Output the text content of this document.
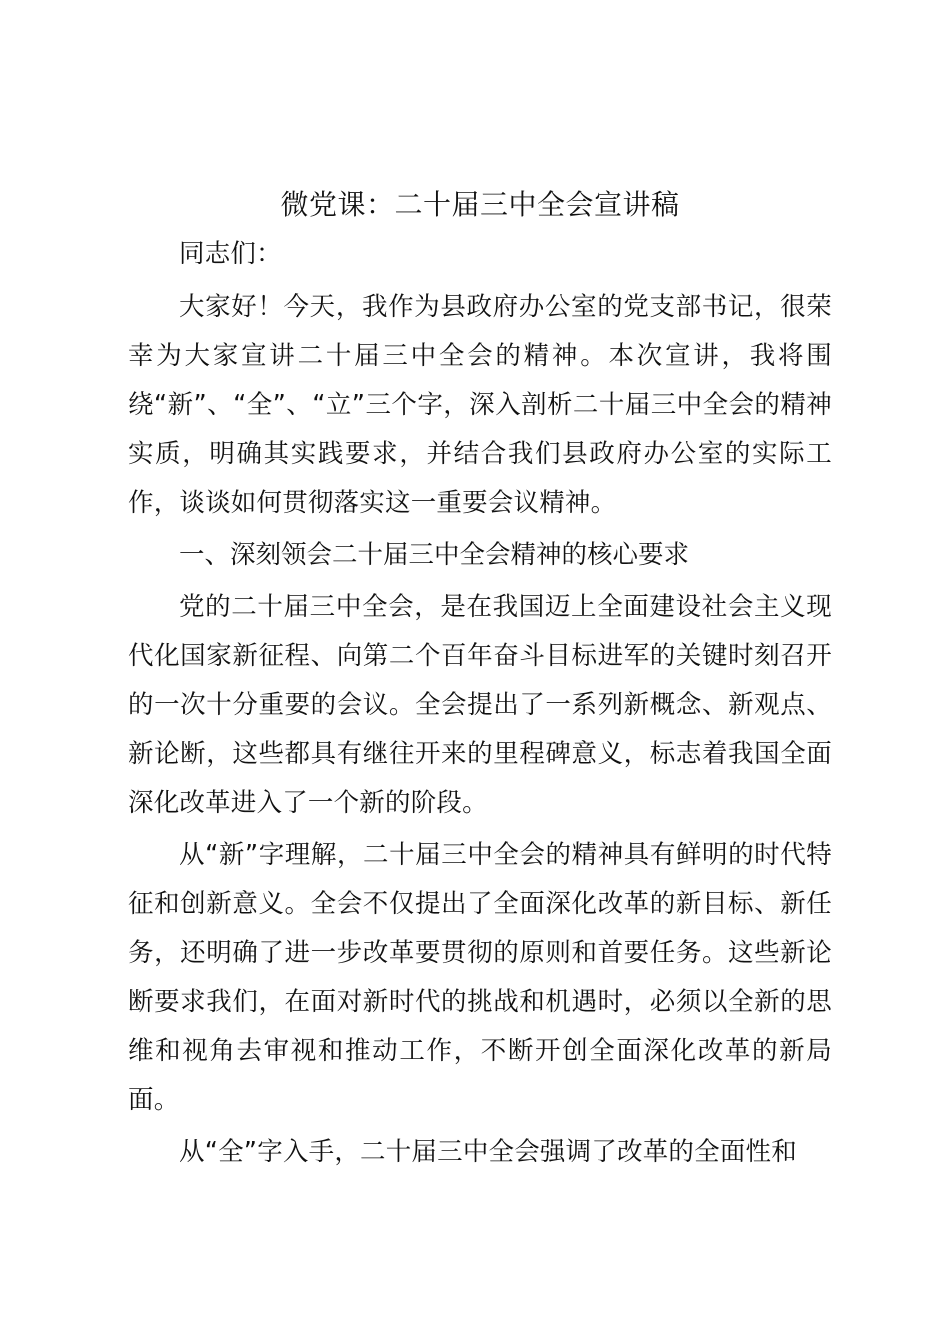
微党课：二十届三中全会宣讲稿

同志们：

大家好！今天，我作为县政府办公室的党支部书记，很荣幸为大家宣讲二十届三中全会的精神。本次宣讲，我将围绕“新”、“全”、“立”三个字，深入剖析二十届三中全会的精神实质，明确其实践要求，并结合我们县政府办公室的实际工作，谈谈如何贯彻落实这一重要会议精神。

一、深刻领会二十届三中全会精神的核心要求

党的二十届三中全会，是在我国迈上全面建设社会主义现代化国家新征程、向第二个百年奋斗目标进军的关键时刻召开的一次十分重要的会议。全会提出了一系列新概念、新观点、新论断，这些都具有继往开来的里程碑意义，标志着我国全面深化改革进入了一个新的阶段。

从“新”字理解，二十届三中全会的精神具有鲜明的时代特征和创新意义。全会不仅提出了全面深化改革的新目标、新任务，还明确了进一步改革要贯彻的原则和首要任务。这些新论断要求我们，在面对新时代的挑战和机遇时，必须以全新的思维和视角去审视和推动工作，不断开创全面深化改革的新局面。

从“全”字入手，二十届三中全会强调了改革的全面性和
